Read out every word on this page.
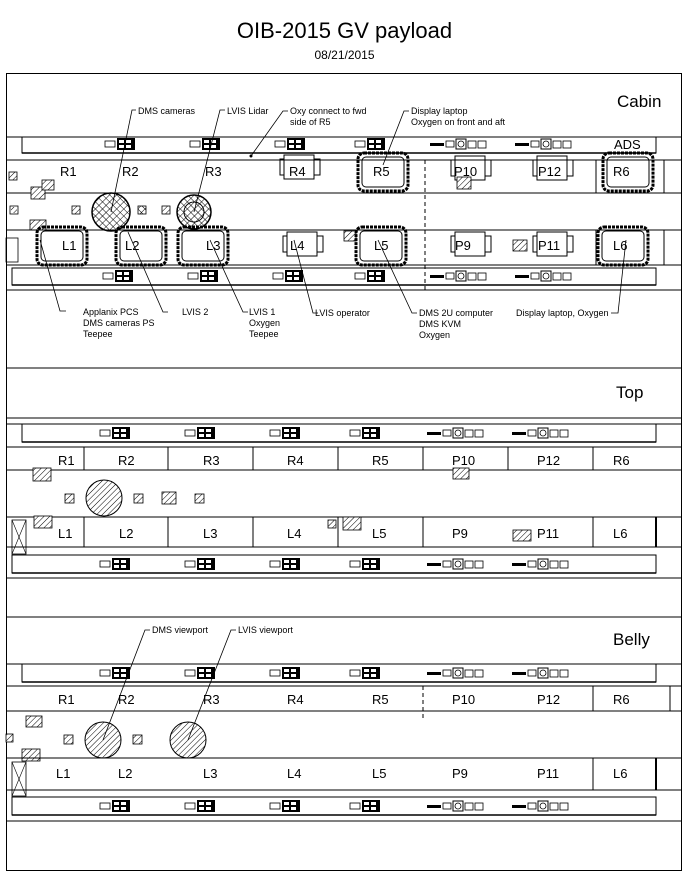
OIB-2015 GV payload
08/21/2015
Cabin
ADS
R1	R2	R3	R4	R5	P10	P12	R6
L1	L2	L3	L4	L5	P9	P11	L6
DMS cameras	LVIS Lidar Oxy connect to fwd
side of R5
Display laptop
Oxygen on front and aft
Applanix PCS
DMS cameras PS
Teepee
LVIS 2	LVIS 1
Oxygen
Teepee
LVIS operator	DMS 2U computer
DMS KVM
Oxygen
Display laptop, Oxygen
Top
R1	R2	R3	R4	R5	P10	P12	R6
L1	L2	L3	L4	L5	P9	P11	L6
Belly
R1	R2	R3	R4	R5	P10	P12	R6
L1	L2	L3	L4	L5	P9	P11	L6
DMS viewport	LVIS viewport
